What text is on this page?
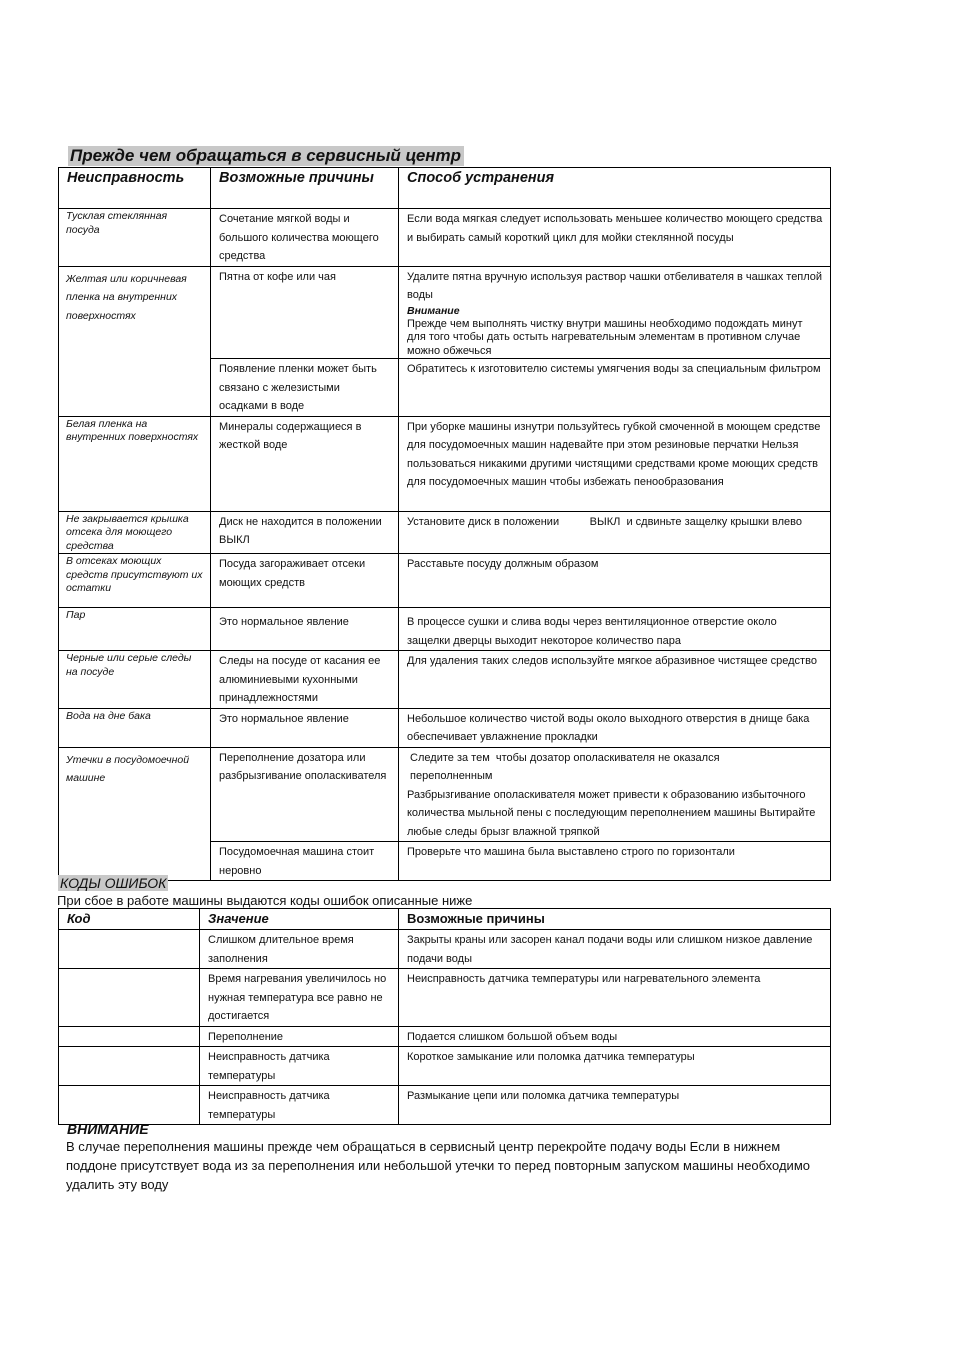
Прежде чем обращаться в сервисный центр
Неисправность	Возможные причины	Способ устранения
Тусклая стеклянная посуда	Сочетание мягкой воды и большого количества моющего средства	Если вода мягкая следует использовать меньшее количество моющего средства и выбирать самый короткий цикл для мойки стеклянной посуды
Желтая или коричневая пленка на внутренних поверхностях	Пятна от кофе или чая	Удалите пятна вручную используя раствор чашки отбеливателя в чашках теплой воды
Внимание
Прежде чем выполнять чистку внутри машины необходимо подождать минут для того чтобы дать остыть нагревательным элементам в противном случае можно обжечься

	Появление пленки может быть связано с железистыми осадками в воде	Обратитесь к изготовителю системы умягчения воды за специальным фильтром
Белая пленка на внутренних поверхностях	Минералы содержащиеся в жесткой воде	При уборке машины изнутри пользуйтесь губкой смоченной в моющем средстве для посудомоечных машин надевайте при этом резиновые перчатки Нельзя пользоваться никакими другими чистящими средствами кроме моющих средств для посудомоечных машин чтобы избежать пенообразования
Не закрывается крышка отсека для моющего средства	Диск не находится в положении ВЫКЛ	Установите диск в положении          ВЫКЛ  и сдвиньте защелку крышки влево
В отсеках моющих средств присутствуют их остатки	Посуда загораживает отсеки моющих средств	Расставьте посуду должным образом
Пар	Это нормальное явление	В процессе сушки и слива воды через вентиляционное отверстие около защелки дверцы выходит некоторое количество пара
Черные или серые следы на посуде	Следы на посуде от касания ее алюминиевыми кухонными принадлежностями	Для удаления таких следов используйте мягкое абразивное чистящее средство
Вода на дне бака	Это нормальное явление	Небольшое количество чистой воды около выходного отверстия в днище бака обеспечивает увлажнение прокладки
Утечки в посудомоечной машине	Переполнение дозатора или разбрызгивание ополаскивателя	Следите за тем  чтобы дозатор ополаскивателя не оказался
переполненным
Разбрызгивание ополаскивателя может привести к образованию избыточного количества мыльной пены с последующим переполнением машины Вытирайте любые следы брызг влажной тряпкой

	Посудомоечная машина стоит неровно	Проверьте что машина была выставлено строго по горизонтали
КОДЫ ОШИБОК
При сбое в работе машины выдаются коды ошибок описанные ниже
Код	Значение	Возможные причины
	Слишком длительное время заполнения	Закрыты краны или засорен канал подачи воды или слишком низкое давление подачи воды
	Время нагревания увеличилось но нужная температура все равно не достигается	Неисправность датчика температуры или нагревательного элемента
	Переполнение	Подается слишком большой объем воды
	Неисправность датчика температуры	Короткое замыкание или поломка датчика температуры
	Неисправность датчика температуры	Размыкание цепи или поломка датчика температуры
ВНИМАНИЕ
В случае переполнения машины прежде чем обращаться в сервисный центр перекройте подачу воды Если в нижнем поддоне присутствует вода из за переполнения или небольшой утечки то перед повторным запуском машины необходимо удалить эту воду
